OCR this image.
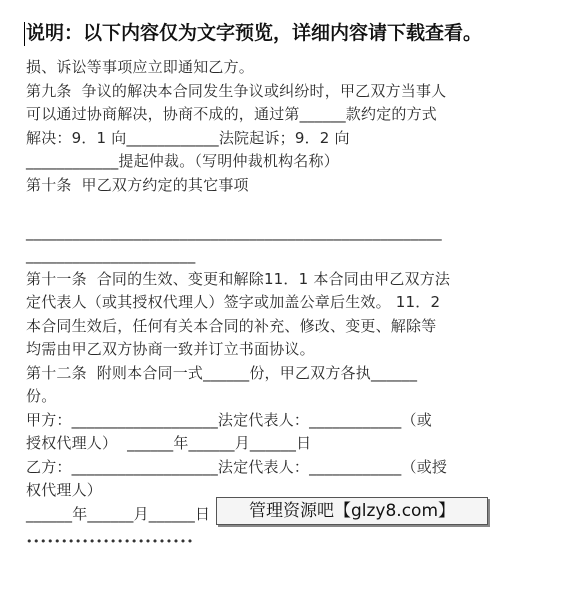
说明：以下内容仅为文字预览，详细内容请下载查看。

损、诉讼等事项应立即通知乙方。

第九条  争议的解决本合同发生争议或纠纷时，甲乙双方当事人

可以通过协商解决，协商不成的，通过第______款约定的方式

解决：9．1 向____________法院起诉；9．2 向

____________提起仲裁。（写明仲裁机构名称）

第十条  甲乙双方约定的其它事项

______________________________________________________

______________________

第十一条  合同的生效、变更和解除11．1 本合同由甲乙双方法

定代表人（或其授权代理人）签字或加盖公章后生效。 11．2

本合同生效后，任何有关本合同的补充、修改、变更、解除等

均需由甲乙双方协商一致并订立书面协议。

第十二条  附则本合同一式______份，甲乙双方各执______

份。

甲方：___________________法定代表人：____________（或

授权代理人）  ______年______月______日

乙方：___________________法定代表人：____________（或授

权代理人）

______年______月______日	管理资源吧【glzy8.com】
••••••••••••••••••••••••
